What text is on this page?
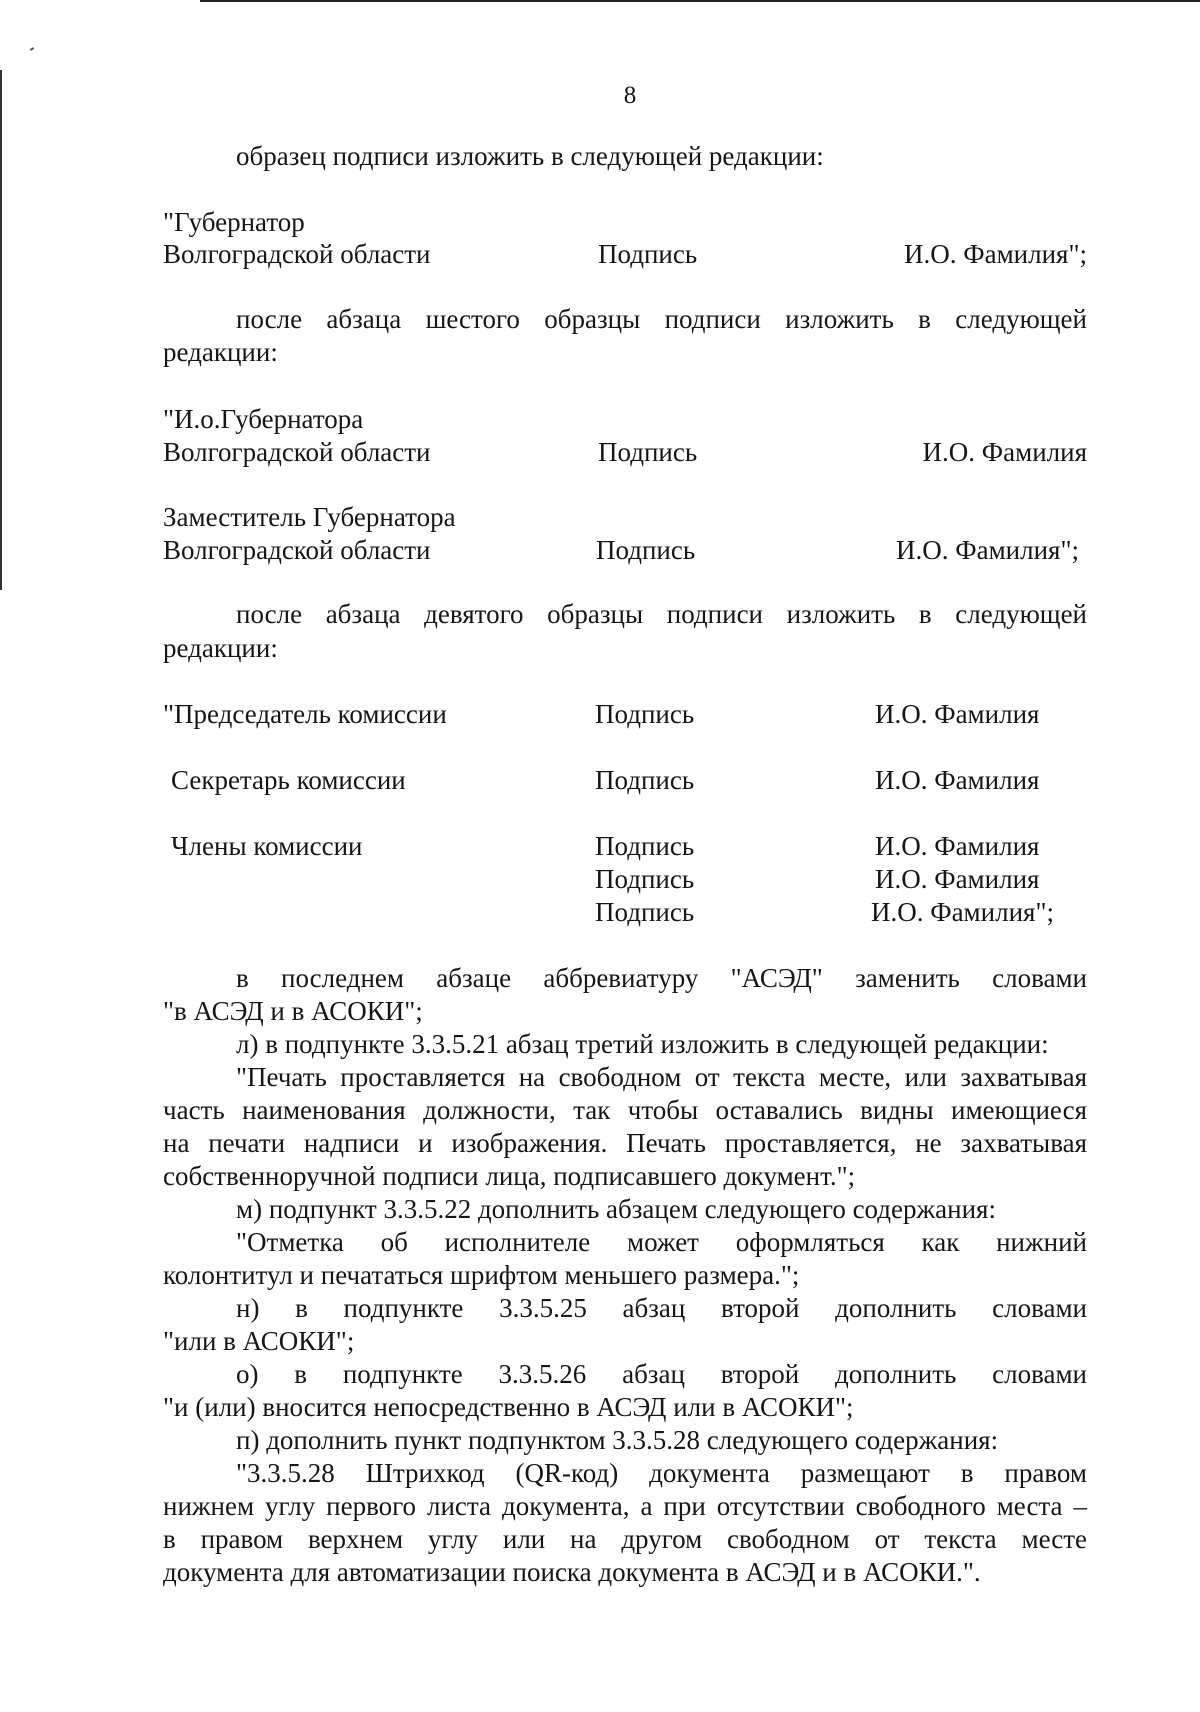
8
образец подписи изложить в следующей редакции:
"Губернатор
Волгоградской области	Подпись	И.О. Фамилия";
после абзаца шестого образцы подписи изложить в следующей
редакции:
"И.о.Губернатора
Волгоградской области	Подпись	И.О. Фамилия
Заместитель Губернатора
Волгоградской области	Подпись	И.О. Фамилия";
после абзаца девятого образцы подписи изложить в следующей
редакции:
"Председатель комиссии	Подпись	И.О. Фамилия
Секретарь комиссии	Подпись	И.О. Фамилия
Члены комиссии	Подпись	И.О. Фамилия
Подпись	И.О. Фамилия
Подпись	И.О. Фамилия";
в последнем абзаце аббревиатуру "АСЭД" заменить словами
"в АСЭД и в АСОКИ";
л) в подпункте 3.3.5.21 абзац третий изложить в следующей редакции:
"Печать проставляется на свободном от текста месте, или захватывая
часть наименования должности, так чтобы оставались видны имеющиеся
на печати надписи и изображения. Печать проставляется, не захватывая
собственноручной подписи лица, подписавшего документ.";
м) подпункт 3.3.5.22 дополнить абзацем следующего содержания:
"Отметка об исполнителе может оформляться как нижний
колонтитул и печататься шрифтом меньшего размера.";
н) в подпункте 3.3.5.25 абзац второй дополнить словами
"или в АСОКИ";
о) в подпункте 3.3.5.26 абзац второй дополнить словами
"и (или) вносится непосредственно в АСЭД или в АСОКИ";
п) дополнить пункт подпунктом 3.3.5.28 следующего содержания:
"3.3.5.28 Штрихкод (QR-код) документа размещают в правом
нижнем углу первого листа документа, а при отсутствии свободного места –
в правом верхнем углу или на другом свободном от текста месте
документа для автоматизации поиска документа в АСЭД и в АСОКИ.".
